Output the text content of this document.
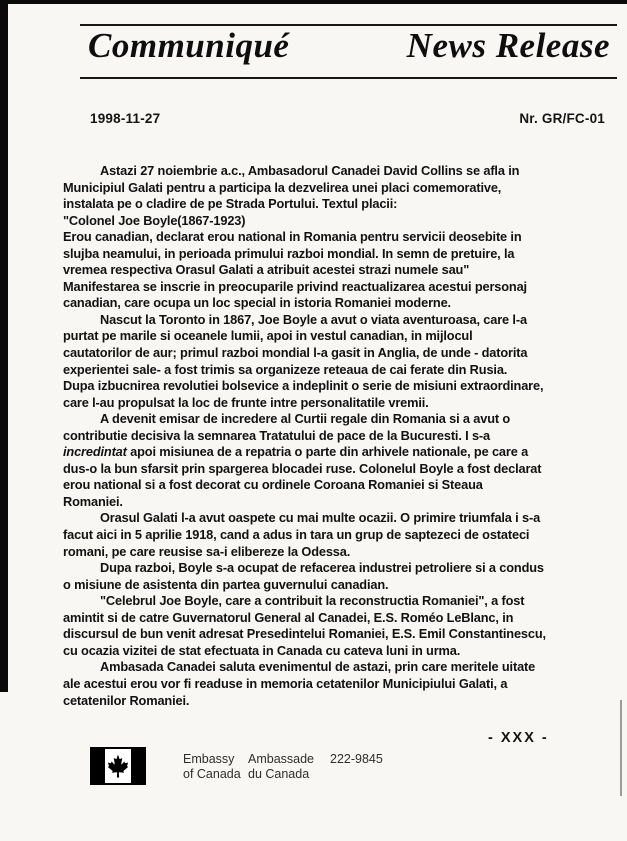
Communiqué	News Release
1998-11-27	Nr. GR/FC-01
Astazi 27 noiembrie a.c., Ambasadorul Canadei David Collins se afla in
Municipiul Galati pentru a participa la dezvelirea unei placi comemorative,
instalata pe o cladire de pe Strada Portului. Textul placii:
"Colonel Joe Boyle(1867-1923)
Erou canadian, declarat erou national in Romania pentru servicii deosebite in
slujba neamului, in perioada primului razboi mondial. In semn de pretuire, la
vremea respectiva Orasul Galati a atribuit acestei strazi numele sau"
Manifestarea se inscrie in preocuparile privind reactualizarea acestui personaj
canadian, care ocupa un loc special in istoria Romaniei moderne.
Nascut la Toronto in 1867, Joe Boyle a avut o viata aventuroasa, care l-a
purtat pe marile si oceanele lumii, apoi in vestul canadian, in mijlocul
cautatorilor de aur; primul razboi mondial l-a gasit in Anglia, de unde - datorita
experientei sale- a fost trimis sa organizeze reteaua de cai ferate din Rusia.
Dupa izbucnirea revolutiei bolsevice a indeplinit o serie de misiuni extraordinare,
care l-au propulsat la loc de frunte intre personalitatile vremii.
A devenit emisar de incredere al Curtii regale din Romania si a avut o
contributie decisiva la semnarea Tratatului de pace de la Bucuresti. I s-a
incredintat apoi misiunea de a repatria o parte din arhivele nationale, pe care a
dus-o la bun sfarsit prin spargerea blocadei ruse. Colonelul Boyle a fost declarat
erou national si a fost decorat cu ordinele Coroana Romaniei si Steaua
Romaniei.
Orasul Galati l-a avut oaspete cu mai multe ocazii. O primire triumfala i s-a
facut aici in 5 aprilie 1918, cand a adus in tara un grup de saptezeci de ostateci
romani, pe care reusise sa-i elibereze la Odessa.
Dupa razboi, Boyle s-a ocupat de refacerea industrei petroliere si a condus
o misiune de asistenta din partea guvernului canadian.
"Celebrul Joe Boyle, care a contribuit la reconstructia Romaniei", a fost
amintit si de catre Guvernatorul General al Canadei, E.S. Roméo LeBlanc, in
discursul de bun venit adresat Presedintelui Romaniei, E.S. Emil Constantinescu,
cu ocazia vizitei de stat efectuata in Canada cu cateva luni in urma.
Ambasada Canadei saluta evenimentul de astazi, prin care meritele uitate
ale acestui erou vor fi readuse in memoria cetatenilor Municipiului Galati, a
cetatenilor Romaniei.
- XXX -
Embassy
of Canada
Ambassade
du Canada
222-9845
